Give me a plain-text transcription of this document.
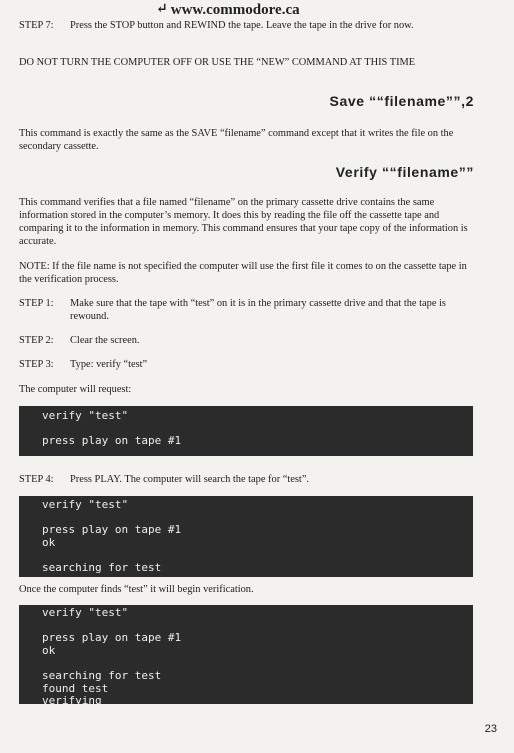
↵ www.commodore.ca
STEP 7:	Press the STOP button and REWIND the tape. Leave the tape in the drive for now.
DO NOT TURN THE COMPUTER OFF OR USE THE “NEW” COMMAND AT THIS TIME
Save ““filename””,2
This command is exactly the same as the SAVE “filename” command except that it writes the file on the secondary cassette.
Verify ““filename””
This command verifies that a file named “filename” on the primary cassette drive contains the same information stored in the computer’s memory. It does this by reading the file off the cassette tape and comparing it to the information in memory. This command ensures that your tape copy of the information is accurate.
NOTE: If the file name is not specified the computer will use the first file it comes to on the cassette tape in the verification process.
STEP 1:	Make sure that the tape with “test” on it is in the primary cassette drive and that the tape is rewound.
STEP 2:	Clear the screen.
STEP 3:	Type: verify “test”
The computer will request:
verify "test"
press play on tape #1
STEP 4:	Press PLAY. The computer will search the tape for “test”.
verify "test"
press play on tape #1
ok
searching for test
Once the computer finds “test” it will begin verification.
verify "test"
press play on tape #1
ok
searching for test
found test
verifying
23
